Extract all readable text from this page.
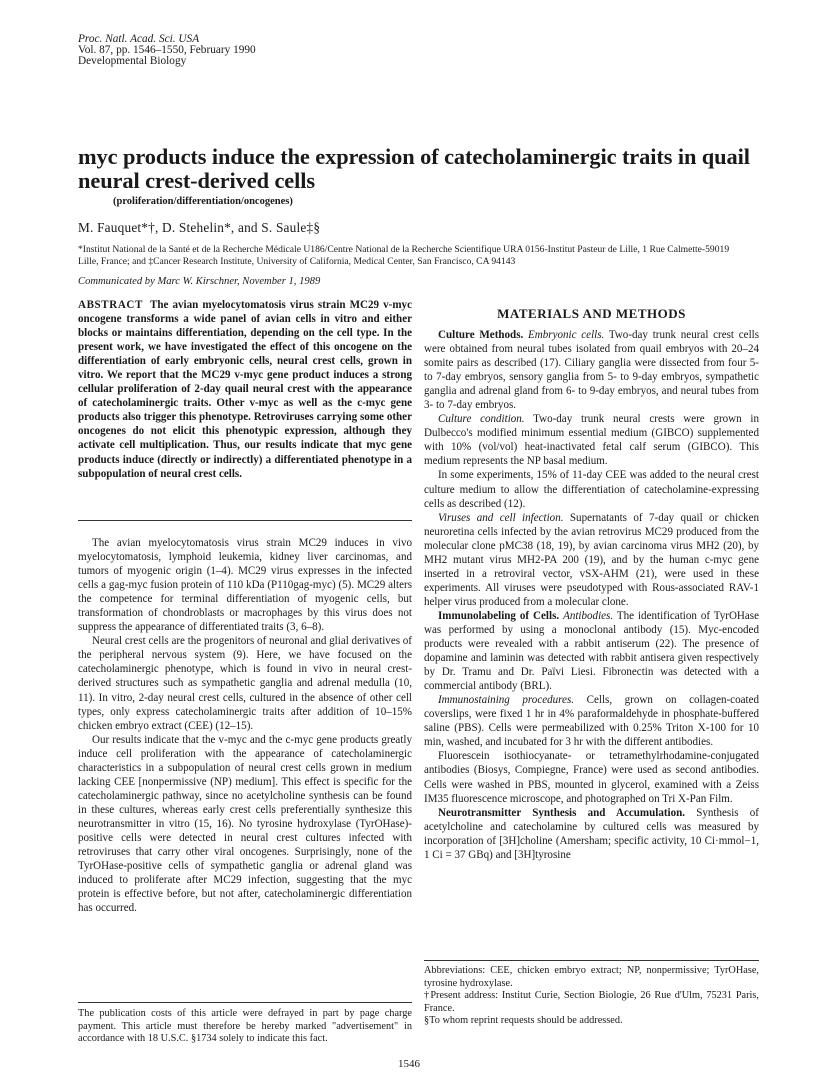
Proc. Natl. Acad. Sci. USA
Vol. 87, pp. 1546–1550, February 1990
Developmental Biology
myc products induce the expression of catecholaminergic traits in quail neural crest-derived cells
(proliferation/differentiation/oncogenes)
M. Fauquet*†, D. Stehelin*, and S. Saule‡§
*Institut National de la Santé et de la Recherche Médicale U186/Centre National de la Recherche Scientifique URA 0156-Institut Pasteur de Lille, 1 Rue Calmette-59019 Lille, France; and ‡Cancer Research Institute, University of California, Medical Center, San Francisco, CA 94143
Communicated by Marc W. Kirschner, November 1, 1989
ABSTRACT The avian myelocytomatosis virus strain MC29 v-myc oncogene transforms a wide panel of avian cells in vitro and either blocks or maintains differentiation, depending on the cell type. In the present work, we have investigated the effect of this oncogene on the differentiation of early embryonic cells, neural crest cells, grown in vitro. We report that the MC29 v-myc gene product induces a strong cellular proliferation of 2-day quail neural crest with the appearance of catecholaminergic traits. Other v-myc as well as the c-myc gene products also trigger this phenotype. Retroviruses carrying some other oncogenes do not elicit this phenotypic expression, although they activate cell multiplication. Thus, our results indicate that myc gene products induce (directly or indirectly) a differentiated phenotype in a subpopulation of neural crest cells.

The avian myelocytomatosis virus strain MC29 induces in vivo myelocytomatosis, lymphoid leukemia, kidney liver carcinomas, and tumors of myogenic origin (1–4). MC29 virus expresses in the infected cells a gag-myc fusion protein of 110 kDa (P110gag-myc) (5). MC29 alters the competence for terminal differentiation of myogenic cells, but transformation of chondroblasts or macrophages by this virus does not suppress the appearance of differentiated traits (3, 6–8).

Neural crest cells are the progenitors of neuronal and glial derivatives of the peripheral nervous system (9). Here, we have focused on the catecholaminergic phenotype, which is found in vivo in neural crest-derived structures such as sympathetic ganglia and adrenal medulla (10, 11). In vitro, 2-day neural crest cells, cultured in the absence of other cell types, only express catecholaminergic traits after addition of 10–15% chicken embryo extract (CEE) (12–15).

Our results indicate that the v-myc and the c-myc gene products greatly induce cell proliferation with the appearance of catecholaminergic characteristics in a subpopulation of neural crest cells grown in medium lacking CEE [nonpermissive (NP) medium]. This effect is specific for the catecholaminergic pathway, since no acetylcholine synthesis can be found in these cultures, whereas early crest cells preferentially synthesize this neurotransmitter in vitro (15, 16). No tyrosine hydroxylase (TyrOHase)-positive cells were detected in neural crest cultures infected with retroviruses that carry other viral oncogenes. Surprisingly, none of the TyrOHase-positive cells of sympathetic ganglia or adrenal gland was induced to proliferate after MC29 infection, suggesting that the myc protein is effective before, but not after, catecholaminergic differentiation has occurred.

The publication costs of this article were defrayed in part by page charge payment. This article must therefore be hereby marked "advertisement" in accordance with 18 U.S.C. §1734 solely to indicate this fact.
MATERIALS AND METHODS

Culture Methods. Embryonic cells. Two-day trunk neural crest cells were obtained from neural tubes isolated from quail embryos with 20–24 somite pairs as described (17). Ciliary ganglia were dissected from four 5- to 7-day embryos, sensory ganglia from 5- to 9-day embryos, sympathetic ganglia and adrenal gland from 6- to 9-day embryos, and neural tubes from 3- to 7-day embryos.

Culture condition. Two-day trunk neural crests were grown in Dulbecco's modified minimum essential medium (GIBCO) supplemented with 10% (vol/vol) heat-inactivated fetal calf serum (GIBCO). This medium represents the NP basal medium.

In some experiments, 15% of 11-day CEE was added to the neural crest culture medium to allow the differentiation of catecholamine-expressing cells as described (12).

Viruses and cell infection. Supernatants of 7-day quail or chicken neuroretina cells infected by the avian retrovirus MC29 produced from the molecular clone pMC38 (18, 19), by avian carcinoma virus MH2 (20), by MH2 mutant virus MH2-PA 200 (19), and by the human c-myc gene inserted in a retroviral vector, vSX-AHM (21), were used in these experiments. All viruses were pseudotyped with Rous-associated RAV-1 helper virus produced from a molecular clone.

Immunolabeling of Cells. Antibodies. The identification of TyrOHase was performed by using a monoclonal antibody (15). Myc-encoded products were revealed with a rabbit antiserum (22). The presence of dopamine and laminin was detected with rabbit antisera given respectively by Dr. Tramu and Dr. Païvi Liesi. Fibronectin was detected with a commercial antibody (BRL).

Immunostaining procedures. Cells, grown on collagen-coated coverslips, were fixed 1 hr in 4% paraformaldehyde in phosphate-buffered saline (PBS). Cells were permeabilized with 0.25% Triton X-100 for 10 min, washed, and incubated for 3 hr with the different antibodies.

Fluorescein isothiocyanate- or tetramethylrhodamine-conjugated antibodies (Biosys, Compiegne, France) were used as second antibodies. Cells were washed in PBS, mounted in glycerol, examined with a Zeiss IM35 fluorescence microscope, and photographed on Tri X-Pan Film.

Neurotransmitter Synthesis and Accumulation. Synthesis of acetylcholine and catecholamine by cultured cells was measured by incorporation of [3H]choline (Amersham; specific activity, 10 Ci·mmol−1, 1 Ci = 37 GBq) and [3H]tyrosine

Abbreviations: CEE, chicken embryo extract; NP, nonpermissive; TyrOHase, tyrosine hydroxylase.
†Present address: Institut Curie, Section Biologie, 26 Rue d'Ulm, 75231 Paris, France.
§To whom reprint requests should be addressed.
1546
